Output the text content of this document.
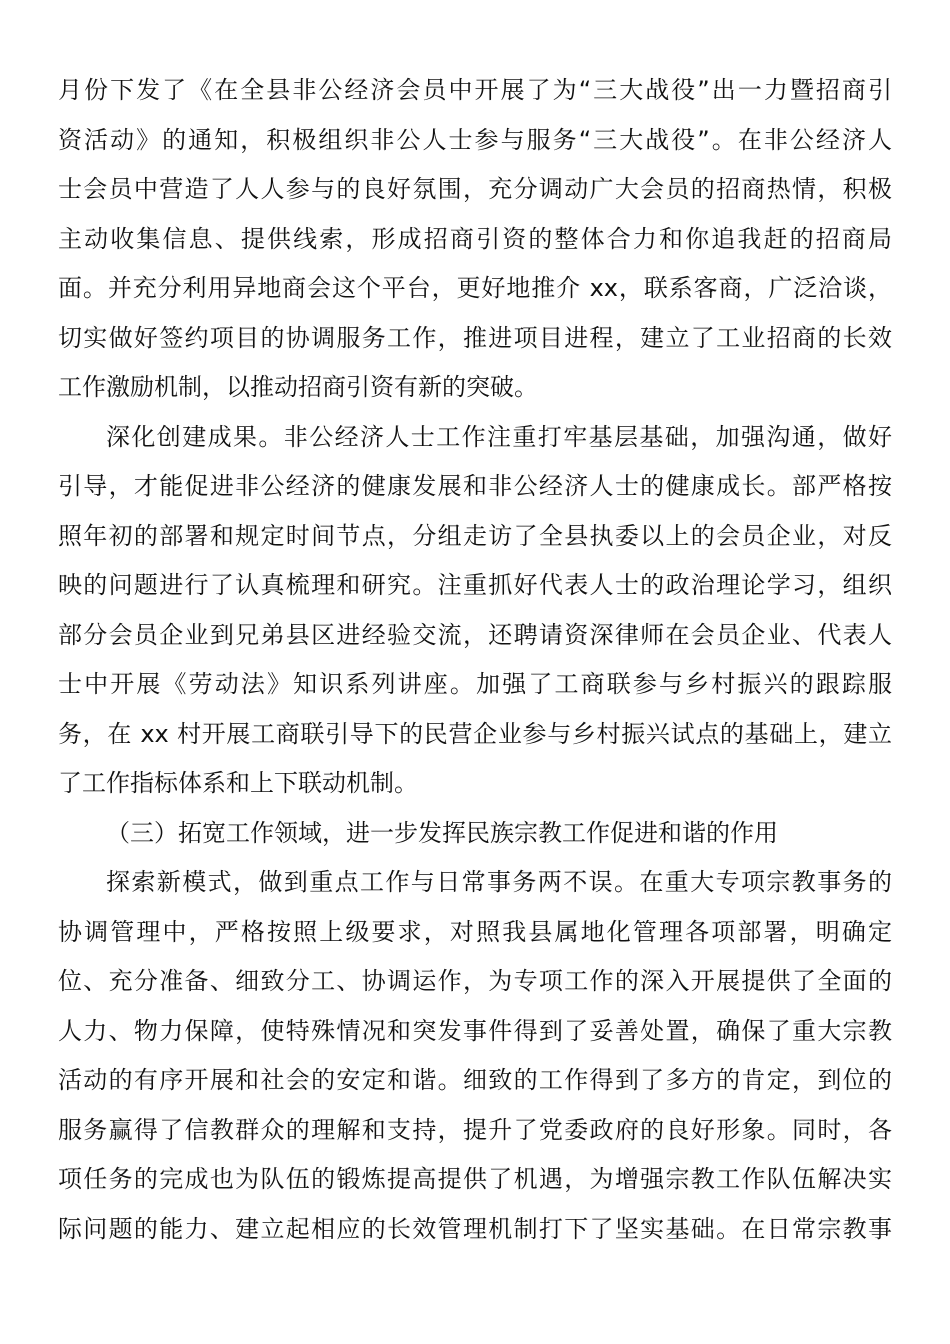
月份下发了《在全县非公经济会员中开展了为“三大战役”出一力暨招商引
资活动》的通知，积极组织非公人士参与服务“三大战役”。在非公经济人
士会员中营造了人人参与的良好氛围，充分调动广大会员的招商热情，积极
主动收集信息、提供线索，形成招商引资的整体合力和你追我赶的招商局
面。并充分利用异地商会这个平台，更好地推介 xx，联系客商，广泛洽谈，
切实做好签约项目的协调服务工作，推进项目进程，建立了工业招商的长效
工作激励机制，以推动招商引资有新的突破。
深化创建成果。非公经济人士工作注重打牢基层基础，加强沟通，做好
引导，才能促进非公经济的健康发展和非公经济人士的健康成长。部严格按
照年初的部署和规定时间节点，分组走访了全县执委以上的会员企业，对反
映的问题进行了认真梳理和研究。注重抓好代表人士的政治理论学习，组织
部分会员企业到兄弟县区进经验交流，还聘请资深律师在会员企业、代表人
士中开展《劳动法》知识系列讲座。加强了工商联参与乡村振兴的跟踪服
务，在 xx 村开展工商联引导下的民营企业参与乡村振兴试点的基础上，建立
了工作指标体系和上下联动机制。
（三）拓宽工作领域，进一步发挥民族宗教工作促进和谐的作用
探索新模式，做到重点工作与日常事务两不误。在重大专项宗教事务的
协调管理中，严格按照上级要求，对照我县属地化管理各项部署，明确定
位、充分准备、细致分工、协调运作，为专项工作的深入开展提供了全面的
人力、物力保障，使特殊情况和突发事件得到了妥善处置，确保了重大宗教
活动的有序开展和社会的安定和谐。细致的工作得到了多方的肯定，到位的
服务赢得了信教群众的理解和支持，提升了党委政府的良好形象。同时，各
项任务的完成也为队伍的锻炼提高提供了机遇，为增强宗教工作队伍解决实
际问题的能力、建立起相应的长效管理机制打下了坚实基础。在日常宗教事
